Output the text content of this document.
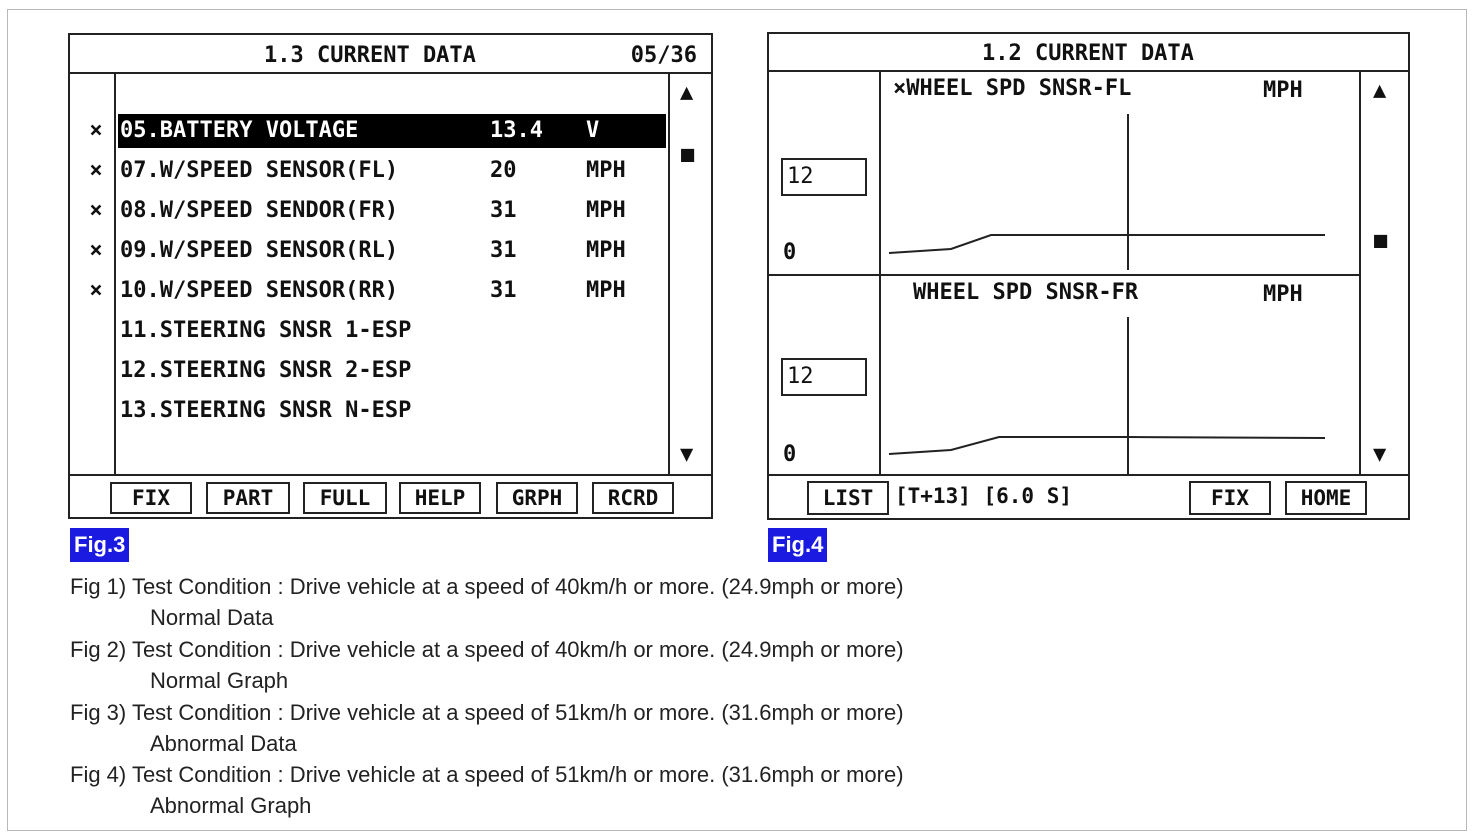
1.3 CURRENT DATA	05/36
× 05.BATTERY VOLTAGE	13.4 V
× 07.W/SPEED SENSOR(FL)	20	MPH
× 08.W/SPEED SENDOR(FR)	31	MPH
× 09.W/SPEED SENSOR(RL)	31	MPH
× 10.W/SPEED SENSOR(RR)	31	MPH
11.STEERING SNSR 1-ESP
12.STEERING SNSR 2-ESP
13.STEERING SNSR N-ESP
▲
■
▼
FIX	PART	FULL	HELP	GRPH	RCRD
Fig.3
1.2 CURRENT DATA
×WHEEL SPD SNSR-FL	MPH
12
0
WHEEL SPD SNSR-FR	MPH
12
0
▲
■
▼
LIST	[T+13] [6.0 S]	FIX	HOME
Fig.4
Fig 1) Test Condition : Drive vehicle at a speed of 40km/h or more. (24.9mph or more)
Normal Data
Fig 2) Test Condition : Drive vehicle at a speed of 40km/h or more. (24.9mph or more)
Normal Graph
Fig 3) Test Condition : Drive vehicle at a speed of 51km/h or more. (31.6mph or more)
Abnormal Data
Fig 4) Test Condition : Drive vehicle at a speed of 51km/h or more. (31.6mph or more)
Abnormal Graph
